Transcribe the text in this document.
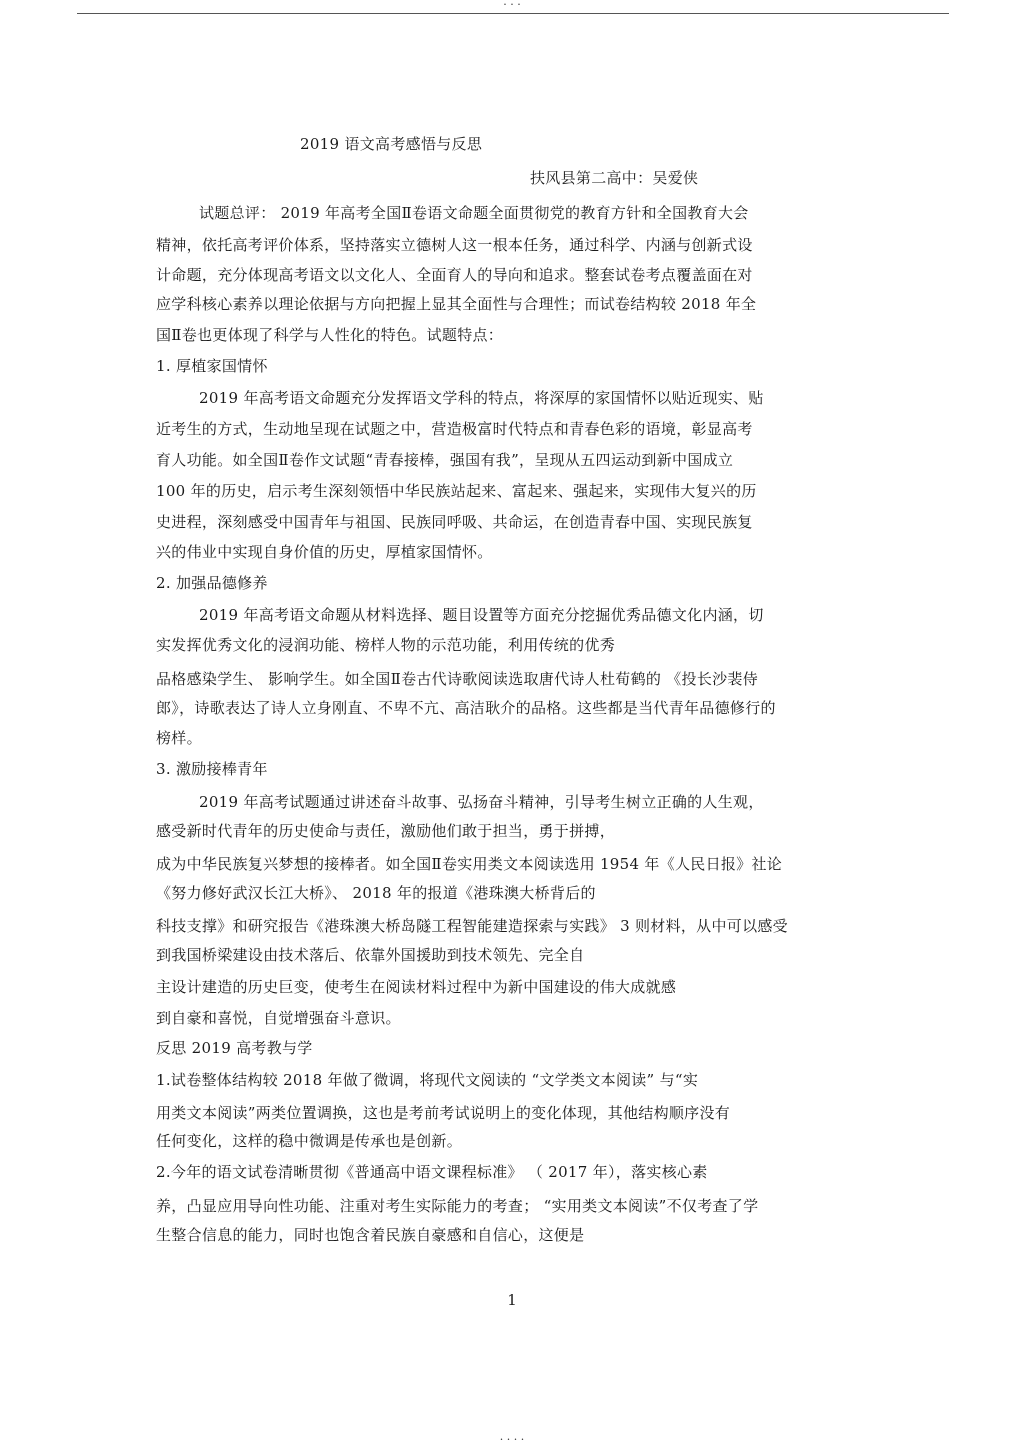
· · ·
2019 语文高考感悟与反思
扶风县第二高中：吴爱侠
试题总评： 2019 年高考全国Ⅱ卷语文命题全面贯彻党的教育方针和全国教育大会
精神，依托高考评价体系，坚持落实立德树人这一根本任务，通过科学、内涵与创新式设
计命题，充分体现高考语文以文化人、全面育人的导向和追求。整套试卷考点覆盖面在对
应学科核心素养以理论依据与方向把握上显其全面性与合理性；而试卷结构较 2018 年全
国Ⅱ卷也更体现了科学与人性化的特色。试题特点：
1. 厚植家国情怀
2019 年高考语文命题充分发挥语文学科的特点，将深厚的家国情怀以贴近现实、贴
近考生的方式，生动地呈现在试题之中，营造极富时代特点和青春色彩的语境，彰显高考
育人功能。如全国Ⅱ卷作文试题“青春接棒，强国有我”，呈现从五四运动到新中国成立
100 年的历史，启示考生深刻领悟中华民族站起来、富起来、强起来，实现伟大复兴的历
史进程，深刻感受中国青年与祖国、民族同呼吸、共命运，在创造青春中国、实现民族复
兴的伟业中实现自身价值的历史，厚植家国情怀。
2. 加强品德修养
2019 年高考语文命题从材料选择、题目设置等方面充分挖掘优秀品德文化内涵，切
实发挥优秀文化的浸润功能、榜样人物的示范功能，利用传统的优秀
品格感染学生、 影响学生。如全国Ⅱ卷古代诗歌阅读选取唐代诗人杜荀鹤的 《投长沙裴侍
郎》，诗歌表达了诗人立身刚直、不卑不亢、高洁耿介的品格。这些都是当代青年品德修行的
榜样。
3. 激励接棒青年
2019 年高考试题通过讲述奋斗故事、弘扬奋斗精神，引导考生树立正确的人生观，
感受新时代青年的历史使命与责任，激励他们敢于担当，勇于拼搏，
成为中华民族复兴梦想的接棒者。如全国Ⅱ卷实用类文本阅读选用 1954 年《人民日报》社论
《努力修好武汉长江大桥》、 2018 年的报道《港珠澳大桥背后的
科技支撑》和研究报告《港珠澳大桥岛隧工程智能建造探索与实践》 3 则材料，从中可以感受
到我国桥梁建设由技术落后、依靠外国援助到技术领先、完全自
主设计建造的历史巨变，使考生在阅读材料过程中为新中国建设的伟大成就感
到自豪和喜悦，自觉增强奋斗意识。
反思 2019 高考教与学
1.试卷整体结构较 2018 年做了微调，将现代文阅读的 “文学类文本阅读” 与“实
用类文本阅读”两类位置调换，这也是考前考试说明上的变化体现，其他结构顺序没有
任何变化，这样的稳中微调是传承也是创新。
2.今年的语文试卷清晰贯彻《普通高中语文课程标准》 （ 2017 年），落实核心素
养，凸显应用导向性功能、注重对考生实际能力的考查； “实用类文本阅读”不仅考查了学
生整合信息的能力，同时也饱含着民族自豪感和自信心，这便是
1
· · · ·
